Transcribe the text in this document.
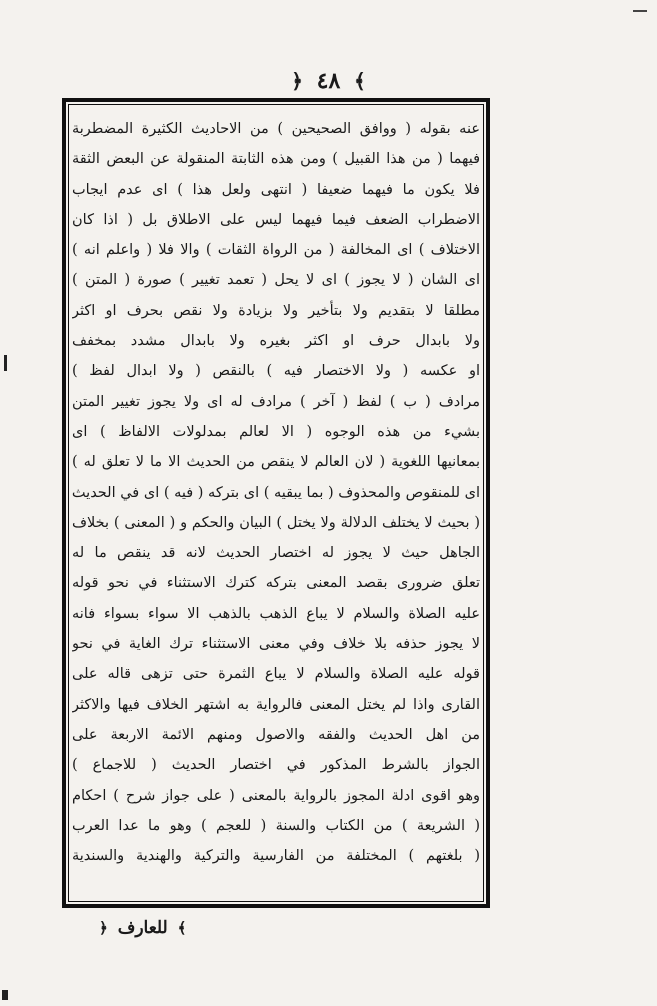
﴾ ٤٨ ﴿
عنه بقوله ( ووافق الصحيحين ) من الاحاديث الكثيرة المضطربة
فيهما ( من هذا القبيل ) ومن هذه الثابتة المنقولة عن البعض الثقة
فلا يكون ما فيهما ضعيفا ( انتهى ولعل هذا ) اى عدم ايجاب
الاضطراب الضعف فيما فيهما ليس على الاطلاق بل ( اذا كان
الاختلاف ) اى المخالفة ( من الرواة الثقات ) والا فلا ( واعلم انه )
اى الشان ( لا يجوز ) اى لا يحل ( تعمد تغيير ) صورة ( المتن )
مطلقا لا بتقديم ولا بتأخير ولا بزيادة ولا نقص بحرف او اكثر
ولا بابدال حرف او اكثر بغيره ولا بابدال مشدد بمخفف
او عكسه ( ولا الاختصار فيه ) بالنقص ( ولا ابدال لفظ )
مرادف ( ب ) لفظ ( آخر ) مرادف له اى ولا يجوز تغيير المتن
بشيء من هذه الوجوه ( الا لعالم بمدلولات الالفاظ ) اى
بمعانيها اللغوية ( لان العالم لا ينقص من الحديث الا ما لا تعلق له )
اى للمنقوص والمحذوف ( بما يبقيه ) اى بتركه ( فيه ) اى في الحديث
( بحيث لا يختلف الدلالة ولا يختل ) البيان والحكم و ( المعنى ) بخلاف
الجاهل حيث لا يجوز له اختصار الحديث لانه قد ينقص ما له
تعلق ضرورى بقصد المعنى بتركه كترك الاستثناء في نحو قوله
عليه الصلاة والسلام لا يباع الذهب بالذهب الا سواء بسواء فانه
لا يجوز حذفه بلا خلاف وفي معنى الاستثناء ترك الغاية في نحو
قوله عليه الصلاة والسلام لا يباع الثمرة حتى تزهى قاله على
القارى واذا لم يختل المعنى فالرواية به اشتهر الخلاف فيها والاكثر
من اهل الحديث والفقه والاصول ومنهم الائمة الاربعة على
الجواز بالشرط المذكور في اختصار الحديث ( للاجماع )
وهو اقوى ادلة المجوز بالرواية بالمعنى ( على جواز شرح ) احكام
( الشريعة ) من الكتاب والسنة ( للعجم ) وهو ما عدا العرب
( بلغتهم ) المختلفة من الفارسية والتركية والهندية والسندية
﴾ للعارف ﴿
